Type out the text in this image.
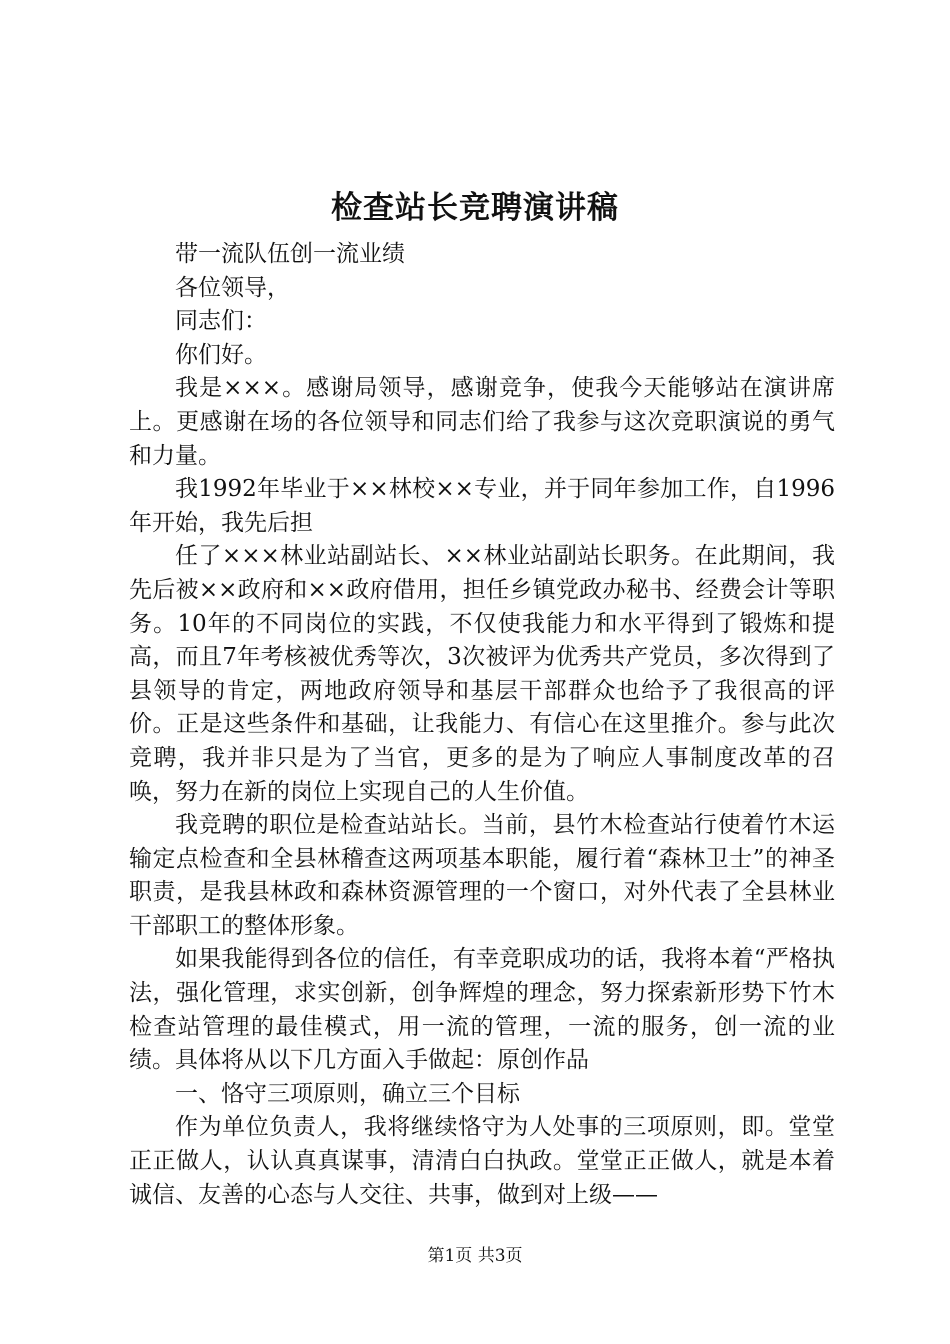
检查站长竞聘演讲稿

带一流队伍创一流业绩

各位领导，

同志们：

你们好。

我是×××。感谢局领导，感谢竞争，使我今天能够站在演讲席上。更感谢在场的各位领导和同志们给了我参与这次竞职演说的勇气和力量。

我1992年毕业于××林校××专业，并于同年参加工作，自1996年开始，我先后担

任了×××林业站副站长、××林业站副站长职务。在此期间，我先后被××政府和××政府借用，担任乡镇党政办秘书、经费会计等职务。10年的不同岗位的实践，不仅使我能力和水平得到了锻炼和提高，而且7年考核被优秀等次，3次被评为优秀共产党员，多次得到了县领导的肯定，两地政府领导和基层干部群众也给予了我很高的评价。正是这些条件和基础，让我能力、有信心在这里推介。参与此次竞聘，我并非只是为了当官，更多的是为了响应人事制度改革的召唤，努力在新的岗位上实现自己的人生价值。

我竞聘的职位是检查站站长。当前，县竹木检查站行使着竹木运输定点检查和全县林稽查这两项基本职能，履行着“森林卫士”的神圣职责，是我县林政和森林资源管理的一个窗口，对外代表了全县林业干部职工的整体形象。

如果我能得到各位的信任，有幸竞职成功的话，我将本着“严格执法，强化管理，求实创新，创争辉煌的理念，努力探索新形势下竹木检查站管理的最佳模式，用一流的管理，一流的服务，创一流的业绩。具体将从以下几方面入手做起：原创作品

一、恪守三项原则，确立三个目标

作为单位负责人，我将继续恪守为人处事的三项原则，即。堂堂正正做人，认认真真谋事，清清白白执政。堂堂正正做人，就是本着诚信、友善的心态与人交往、共事，做到对上级——

第1页 共3页
